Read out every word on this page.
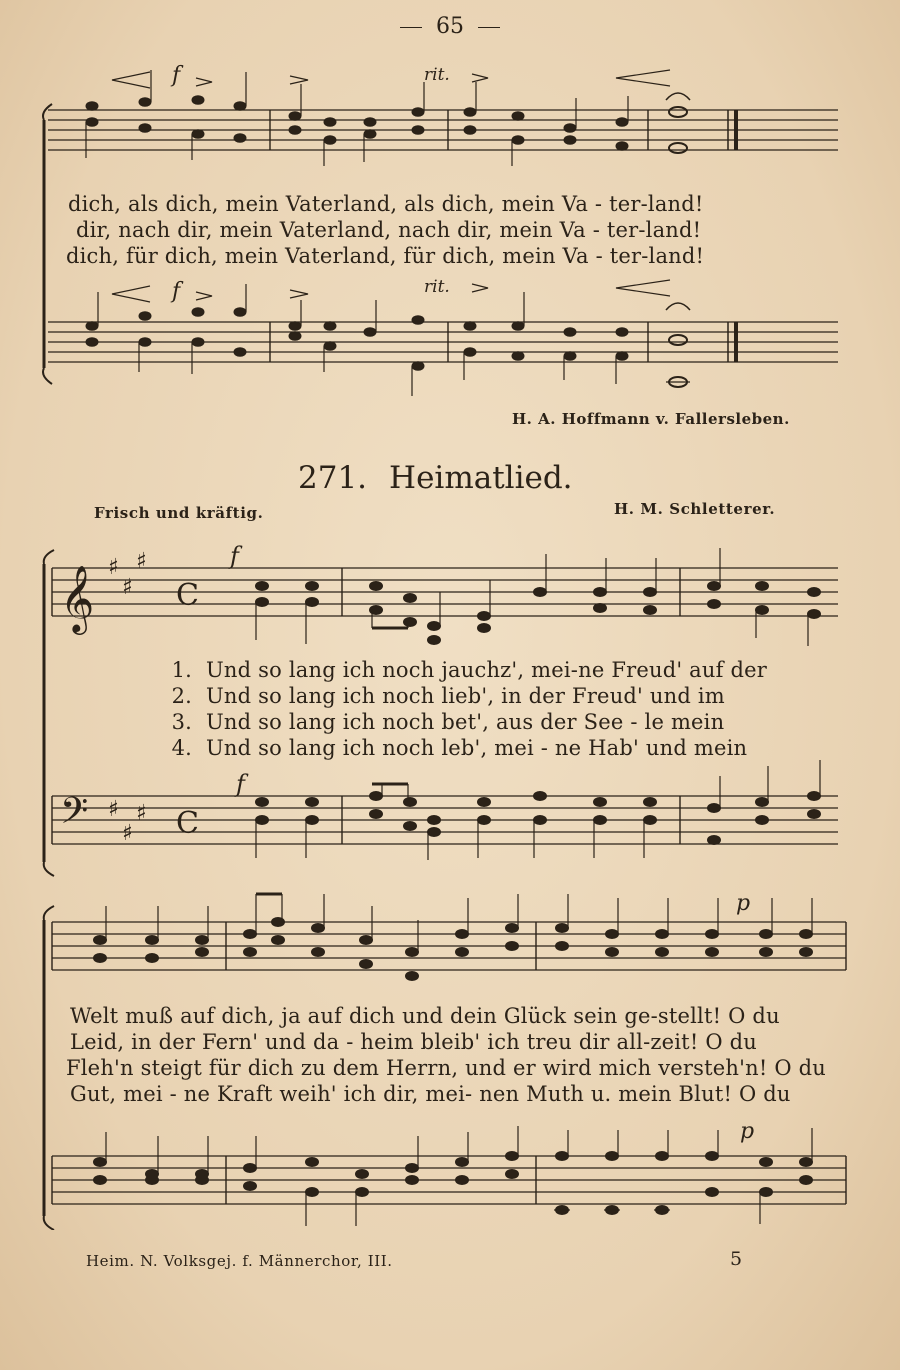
65
f	rit.
f	rit.
dich, als dich, mein Vaterland, als dich, mein Va - ter-land!
dir, nach dir, mein Vaterland, nach dir, mein Va - ter-land!
dich, für dich, mein Vaterland, für dich, mein Va - ter-land!
H. A. Hoffmann v. Fallersleben.
271. Heimatlied.
Frisch und kräftig.	H. M. Schletterer.
𝄞 ♯
♯
♯
C
𝄢 ♯
♯
♯ C
f
f
1. Und so lang ich noch jauchz', mei-ne Freud' auf der
2. Und so lang ich noch lieb', in der Freud' und im
3. Und so lang ich noch bet', aus der See - le mein
4. Und so lang ich noch leb', mei - ne Hab' und mein
p
p
Welt muß auf dich, ja auf dich und dein Glück sein ge-stellt! O du
Leid, in der Fern' und da - heim bleib' ich treu dir all-zeit! O du
Fleh'n steigt für dich zu dem Herrn, und er wird mich versteh'n! O du
Gut, mei - ne Kraft weih' ich dir, mei- nen Muth u. mein Blut! O du
Heim. N. Volksgej. f. Männerchor, III.	5
